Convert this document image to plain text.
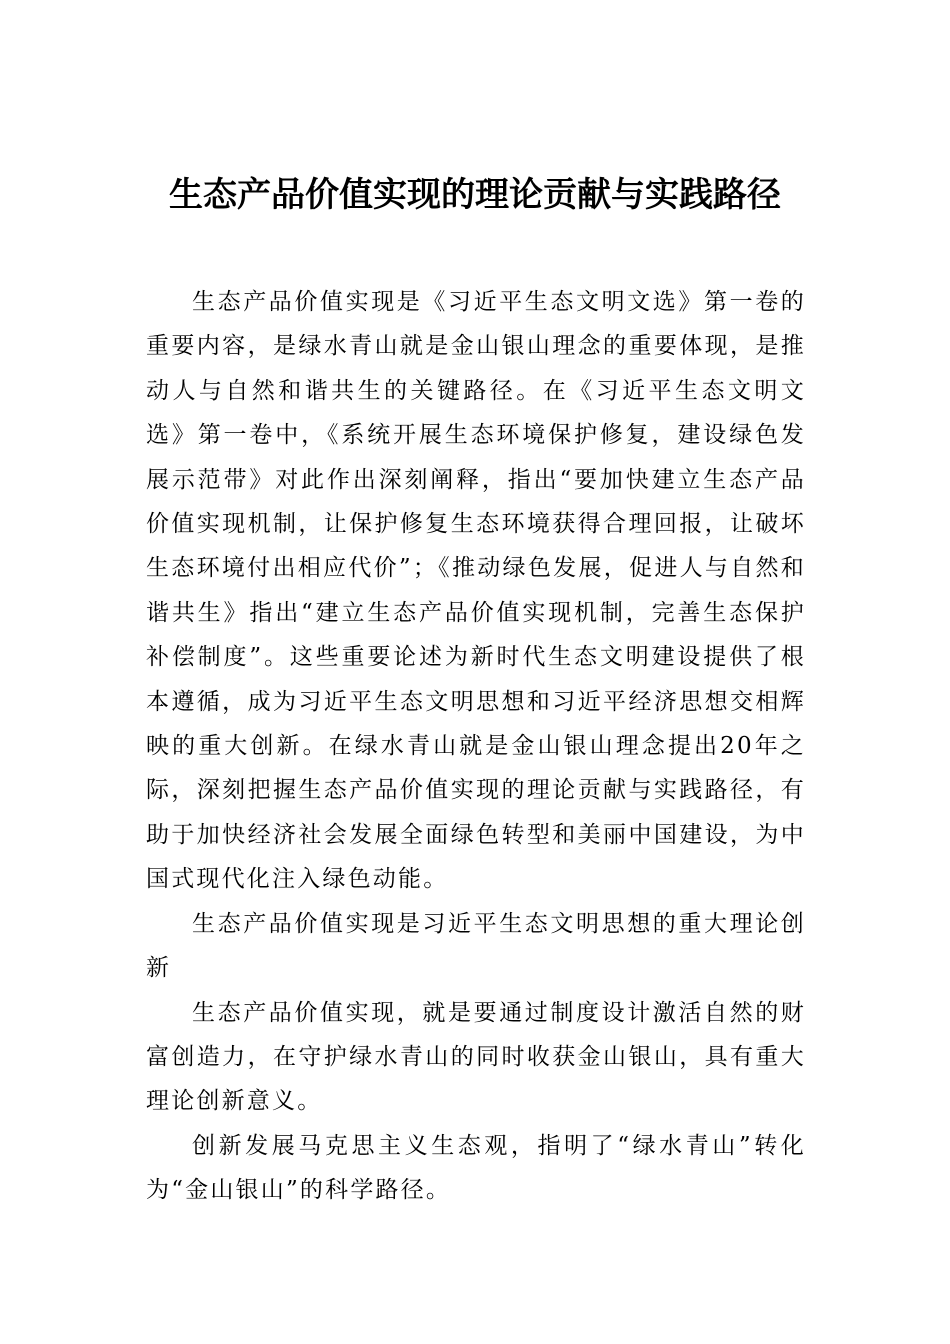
生态产品价值实现的理论贡献与实践路径

生态产品价值实现是《习近平生态文明文选》第一卷的重要内容，是绿水青山就是金山银山理念的重要体现，是推动人与自然和谐共生的关键路径。在《习近平生态文明文选》第一卷中，《系统开展生态环境保护修复，建设绿色发展示范带》对此作出深刻阐释，指出“要加快建立生态产品价值实现机制，让保护修复生态环境获得合理回报，让破坏生态环境付出相应代价”；《推动绿色发展，促进人与自然和谐共生》指出“建立生态产品价值实现机制，完善生态保护补偿制度”。这些重要论述为新时代生态文明建设提供了根本遵循，成为习近平生态文明思想和习近平经济思想交相辉映的重大创新。在绿水青山就是金山银山理念提出20年之际，深刻把握生态产品价值实现的理论贡献与实践路径，有助于加快经济社会发展全面绿色转型和美丽中国建设，为中国式现代化注入绿色动能。

生态产品价值实现是习近平生态文明思想的重大理论创新

生态产品价值实现，就是要通过制度设计激活自然的财富创造力，在守护绿水青山的同时收获金山银山，具有重大理论创新意义。

创新发展马克思主义生态观，指明了“绿水青山”转化为“金山银山”的科学路径。
